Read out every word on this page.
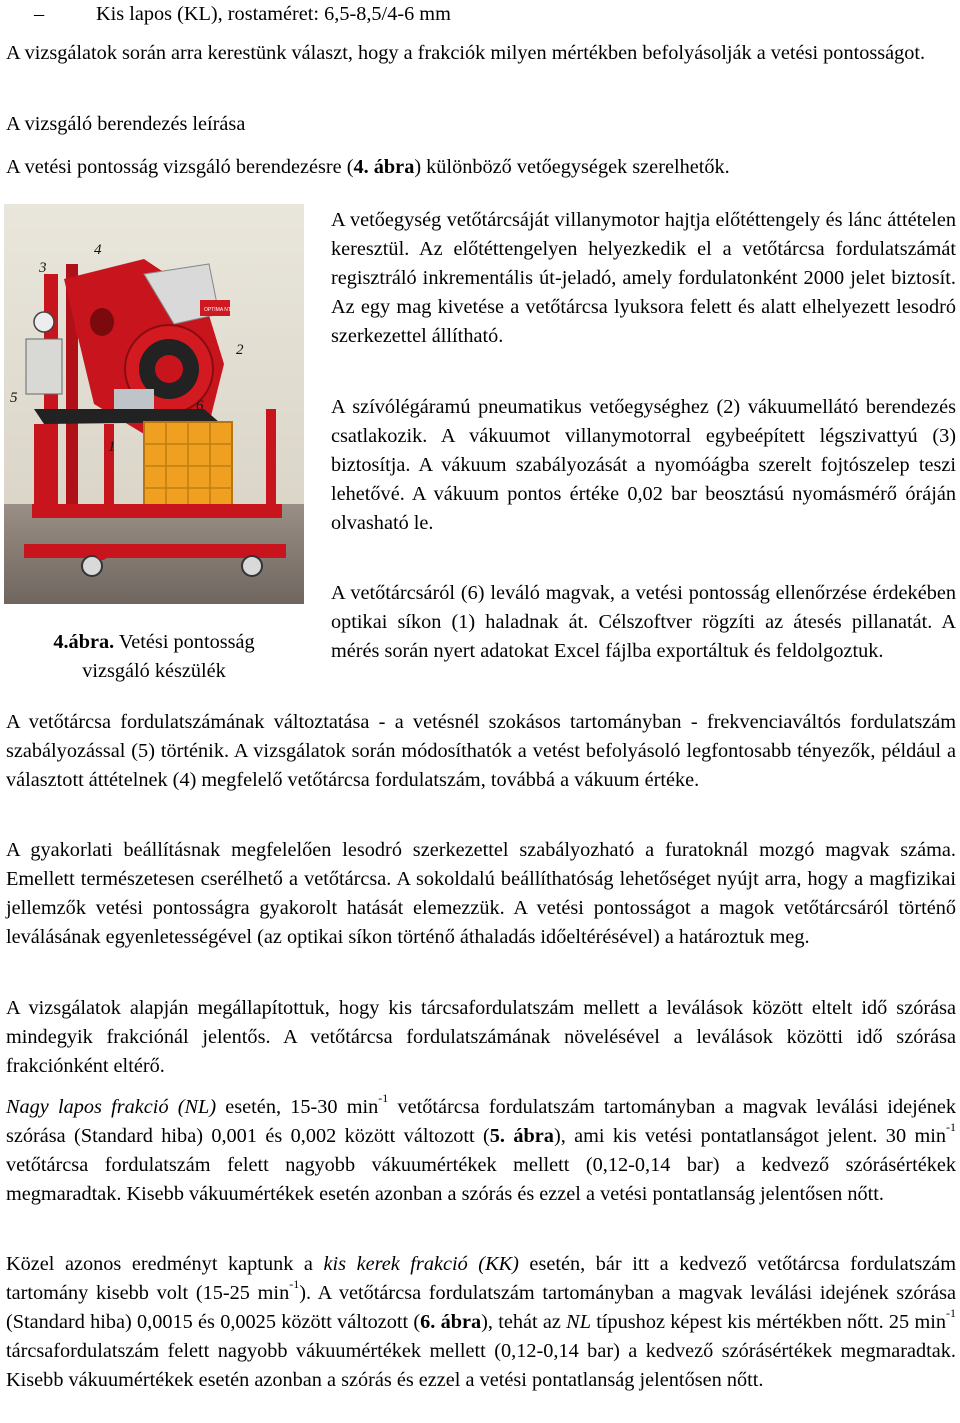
–	Kis lapos (KL), rostaméret: 6,5-8,5/4-6 mm

A vizsgálatok során arra kerestünk választ, hogy a frakciók milyen mértékben befolyásolják a vetési pontosságot.

A vizsgáló berendezés leírása

A vetési pontosság vizsgáló berendezésre (4. ábra) különböző vetőegységek szerelhetők.

OPTIMA NT
3
4
2
5	6
1
4.ábra. Vetési pontosság
vizsgáló készülék

A vetőegység vetőtárcsáját villanymotor hajtja előtéttengely és lánc áttételen keresztül. Az előtéttengelyen helyezkedik el a vetőtárcsa fordulatszámát regisztráló inkrementális út-jeladó, amely fordulatonként 2000 jelet biztosít. Az egy mag kivetése a vetőtárcsa lyuksora felett és alatt elhelyezett lesodró szerkezettel állítható.

A szívólégáramú pneumatikus vetőegységhez (2) vákuumellátó berendezés csatlakozik. A vákuumot villanymotorral egybeépített légszivattyú (3) biztosítja. A vákuum szabályozását a nyomóágba szerelt fojtószelep teszi lehetővé. A vákuum pontos értéke 0,02 bar beosztású nyomásmérő óráján olvasható le.

A vetőtárcsáról (6) leváló magvak, a vetési pontosság ellenőrzése érdekében optikai síkon (1) haladnak át. Célszoftver rögzíti az átesés pillanatát. A mérés során nyert adatokat Excel fájlba exportáltuk és feldolgoztuk.

A vetőtárcsa fordulatszámának változtatása - a vetésnél szokásos tartományban - frekvenciaváltós fordulatszám szabályozással (5) történik. A vizsgálatok során módosíthatók a vetést befolyásoló legfontosabb tényezők, például a választott áttételnek (4) megfelelő vetőtárcsa fordulatszám, továbbá a vákuum értéke.

A gyakorlati beállításnak megfelelően lesodró szerkezettel szabályozható a furatoknál mozgó magvak száma. Emellett természetesen cserélhető a vetőtárcsa. A sokoldalú beállíthatóság lehetőséget nyújt arra, hogy a magfizikai jellemzők vetési pontosságra gyakorolt hatását elemezzük. A vetési pontosságot a magok vetőtárcsáról történő leválásának egyenletességével (az optikai síkon történő áthaladás időeltérésével) a határoztuk meg.

A vizsgálatok alapján megállapítottuk, hogy kis tárcsafordulatszám mellett a leválások között eltelt idő szórása mindegyik frakciónál jelentős. A vetőtárcsa fordulatszámának növelésével a leválások közötti idő szórása frakciónként eltérő.

Nagy lapos frakció (NL) esetén, 15-30 $\min^{-1}$ vetőtárcsa fordulatszám tartományban a magvak leválási idejének szórása (Standard hiba) 0,001 és 0,002 között változott (5. ábra), ami kis vetési pontatlanságot jelent. 30 $\min^{-1}$ vetőtárcsa fordulatszám felett nagyobb vákuumértékek mellett (0,12-0,14 bar) a kedvező szórásértékek megmaradtak. Kisebb vákuumértékek esetén azonban a szórás és ezzel a vetési pontatlanság jelentősen nőtt.

Közel azonos eredményt kaptunk a kis kerek frakció (KK) esetén, bár itt a kedvező vetőtárcsa fordulatszám tartomány kisebb volt (15-25 $\min^{-1}$). A vetőtárcsa fordulatszám tartományban a magvak leválási idejének szórása (Standard hiba) 0,0015 és 0,0025 között változott (6. ábra), tehát az NL típushoz képest kis mértékben nőtt. 25 $\min^{-1}$ tárcsafordulatszám felett nagyobb vákuumértékek mellett (0,12-0,14 bar) a kedvező szórásértékek megmaradtak. Kisebb vákuumértékek esetén azonban a szórás és ezzel a vetési pontatlanság jelentősen nőtt.
